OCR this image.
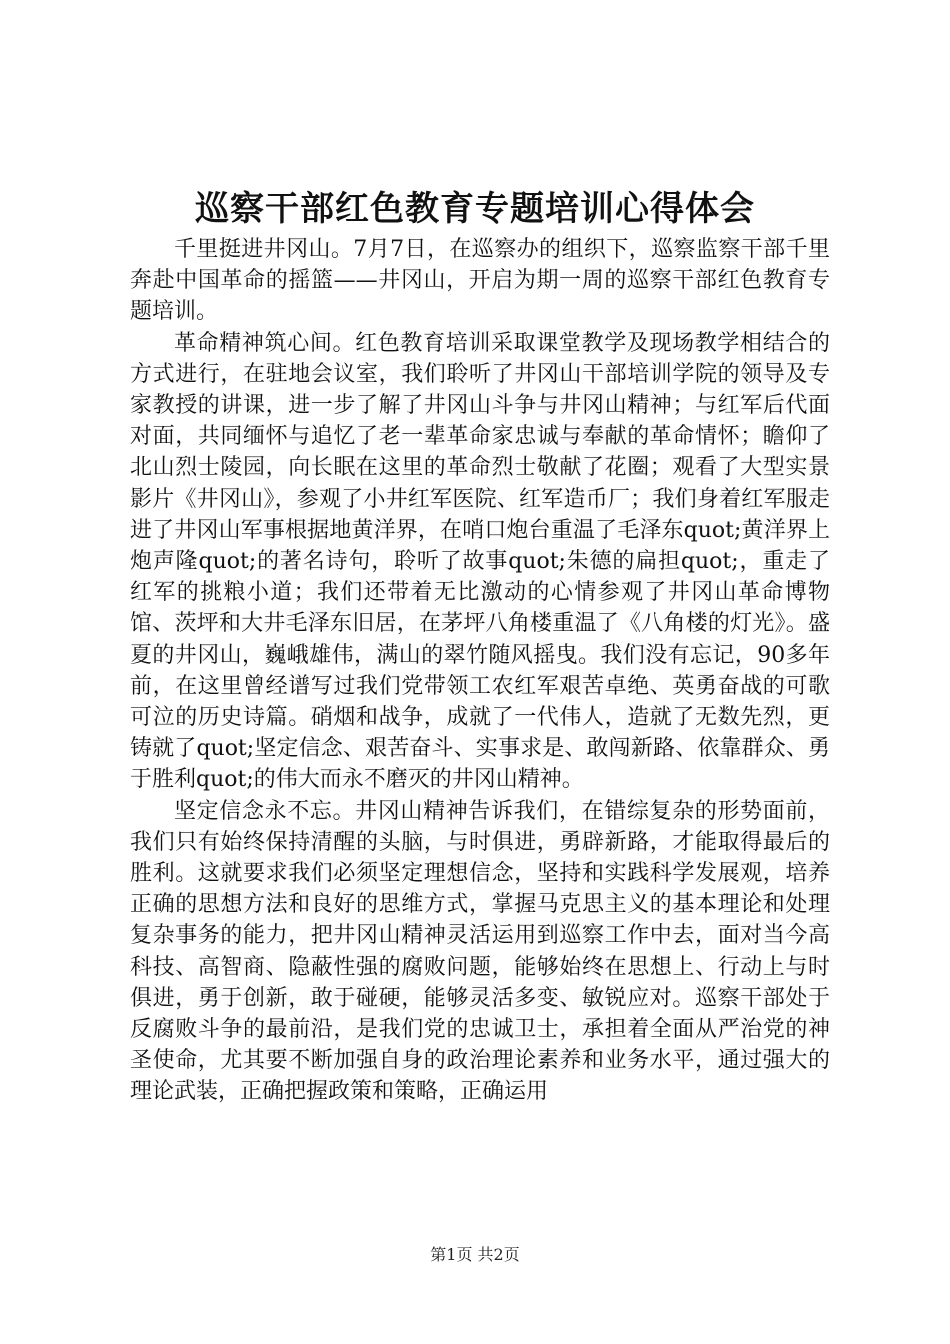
巡察干部红色教育专题培训心得体会

千里挺进井冈山。7月7日，在巡察办的组织下，巡察监察干部千里奔赴中国革命的摇篮——井冈山，开启为期一周的巡察干部红色教育专题培训。

革命精神筑心间。红色教育培训采取课堂教学及现场教学相结合的方式进行，在驻地会议室，我们聆听了井冈山干部培训学院的领导及专家教授的讲课，进一步了解了井冈山斗争与井冈山精神；与红军后代面对面，共同缅怀与追忆了老一辈革命家忠诚与奉献的革命情怀；瞻仰了北山烈士陵园，向长眠在这里的革命烈士敬献了花圈；观看了大型实景影片《井冈山》，参观了小井红军医院、红军造币厂；我们身着红军服走进了井冈山军事根据地黄洋界，在哨口炮台重温了毛泽东quot;黄洋界上炮声隆quot;的著名诗句，聆听了故事quot;朱德的扁担quot;，重走了红军的挑粮小道；我们还带着无比激动的心情参观了井冈山革命博物馆、茨坪和大井毛泽东旧居，在茅坪八角楼重温了《八角楼的灯光》。盛夏的井冈山，巍峨雄伟，满山的翠竹随风摇曳。我们没有忘记，90多年前，在这里曾经谱写过我们党带领工农红军艰苦卓绝、英勇奋战的可歌可泣的历史诗篇。硝烟和战争，成就了一代伟人，造就了无数先烈，更铸就了quot;坚定信念、艰苦奋斗、实事求是、敢闯新路、依靠群众、勇于胜利quot;的伟大而永不磨灭的井冈山精神。

坚定信念永不忘。井冈山精神告诉我们，在错综复杂的形势面前，我们只有始终保持清醒的头脑，与时俱进，勇辟新路，才能取得最后的胜利。这就要求我们必须坚定理想信念，坚持和实践科学发展观，培养正确的思想方法和良好的思维方式，掌握马克思主义的基本理论和处理复杂事务的能力，把井冈山精神灵活运用到巡察工作中去，面对当今高科技、高智商、隐蔽性强的腐败问题，能够始终在思想上、行动上与时俱进，勇于创新，敢于碰硬，能够灵活多变、敏锐应对。巡察干部处于反腐败斗争的最前沿，是我们党的忠诚卫士，承担着全面从严治党的神圣使命，尤其要不断加强自身的政治理论素养和业务水平，通过强大的理论武装，正确把握政策和策略，正确运用

第1页 共2页
